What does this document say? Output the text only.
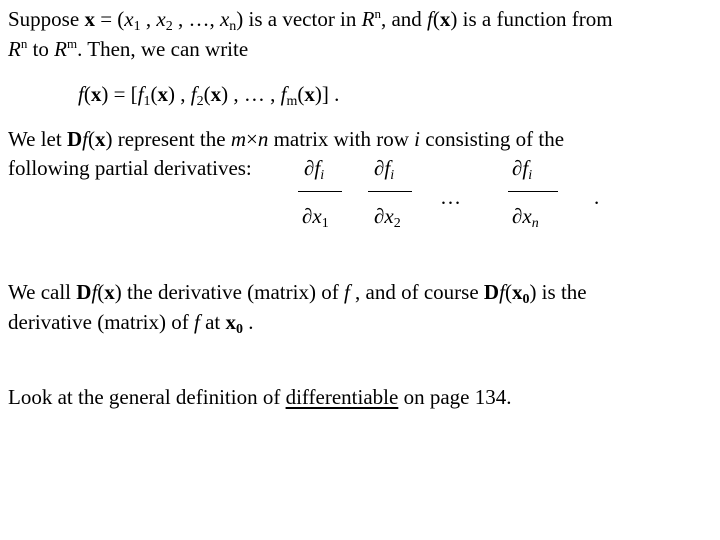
Suppose $x = (x_1$ , $x_2$ , …, $x_n$) is a vector in $R^n$, and f(x) is a function from
$R^n$ to $R^m$. Then, we can write
$f(x) = [f_1(x)$ , $f_2(x)$ , … , $f_m(x)$] .
We let Df(x) represent the m×n matrix with row i consisting of the
following partial derivatives: $\partial f_i$
$\partial x_1$
$\partial f_i$
$\partial x_2$
…
$\partial f_i$
$\partial x_n$
.
We call Df(x) the derivative (matrix) of f , and of course $Df(x_0)$ is the
derivative (matrix) of f at $x_0$ .
Look at the general definition of differentiable on page 134.
